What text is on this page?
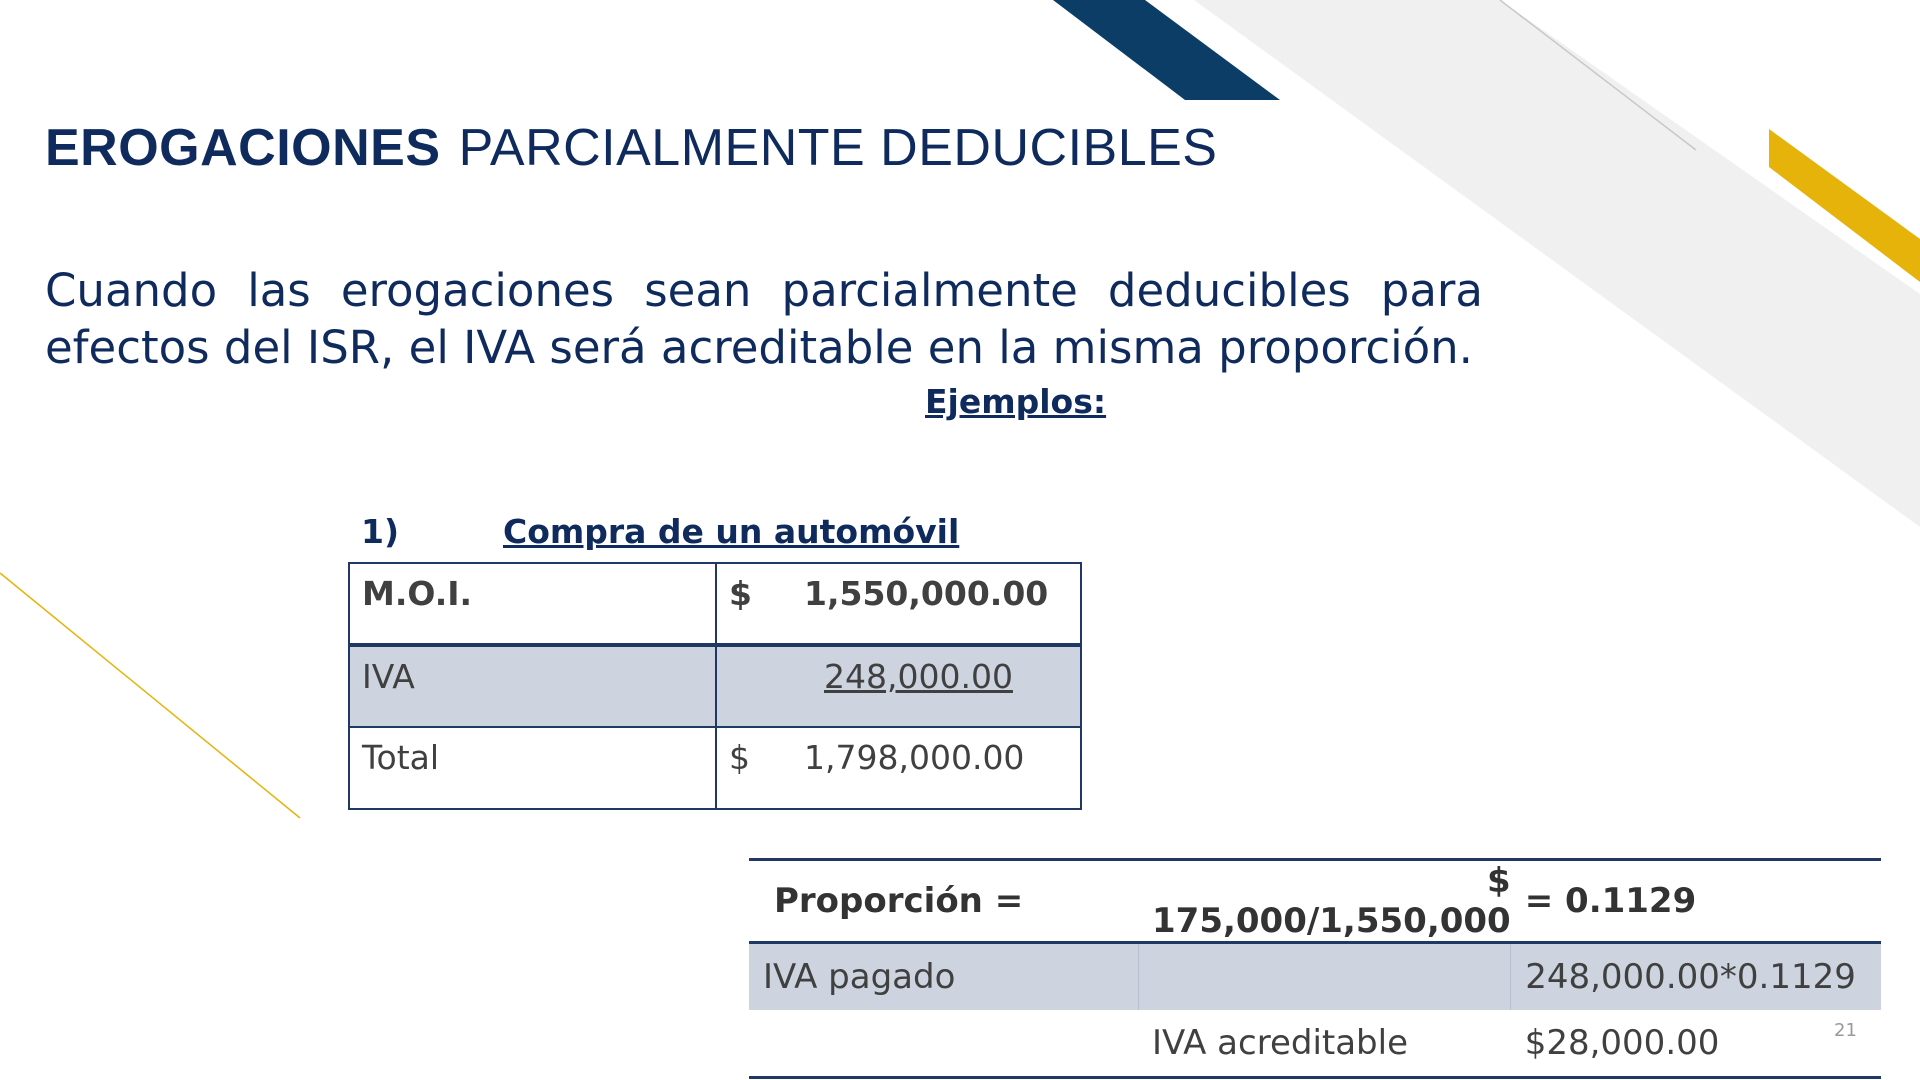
EROGACIONES PARCIALMENTE DEDUCIBLES
Cuando las erogaciones sean parcialmente deducibles para efectos del ISR, el IVA será acreditable en la misma proporción.
Ejemplos:
1)	Compra de un automóvil
M.O.I.	$ 1,550,000.00
IVA	248,000.00
Total	$ 1,798,000.00
Proporción =	$ 175,000/1,550,000	= 0.1129
IVA pagado		248,000.00*0.1129
	IVA acreditable	$28,000.00	21
